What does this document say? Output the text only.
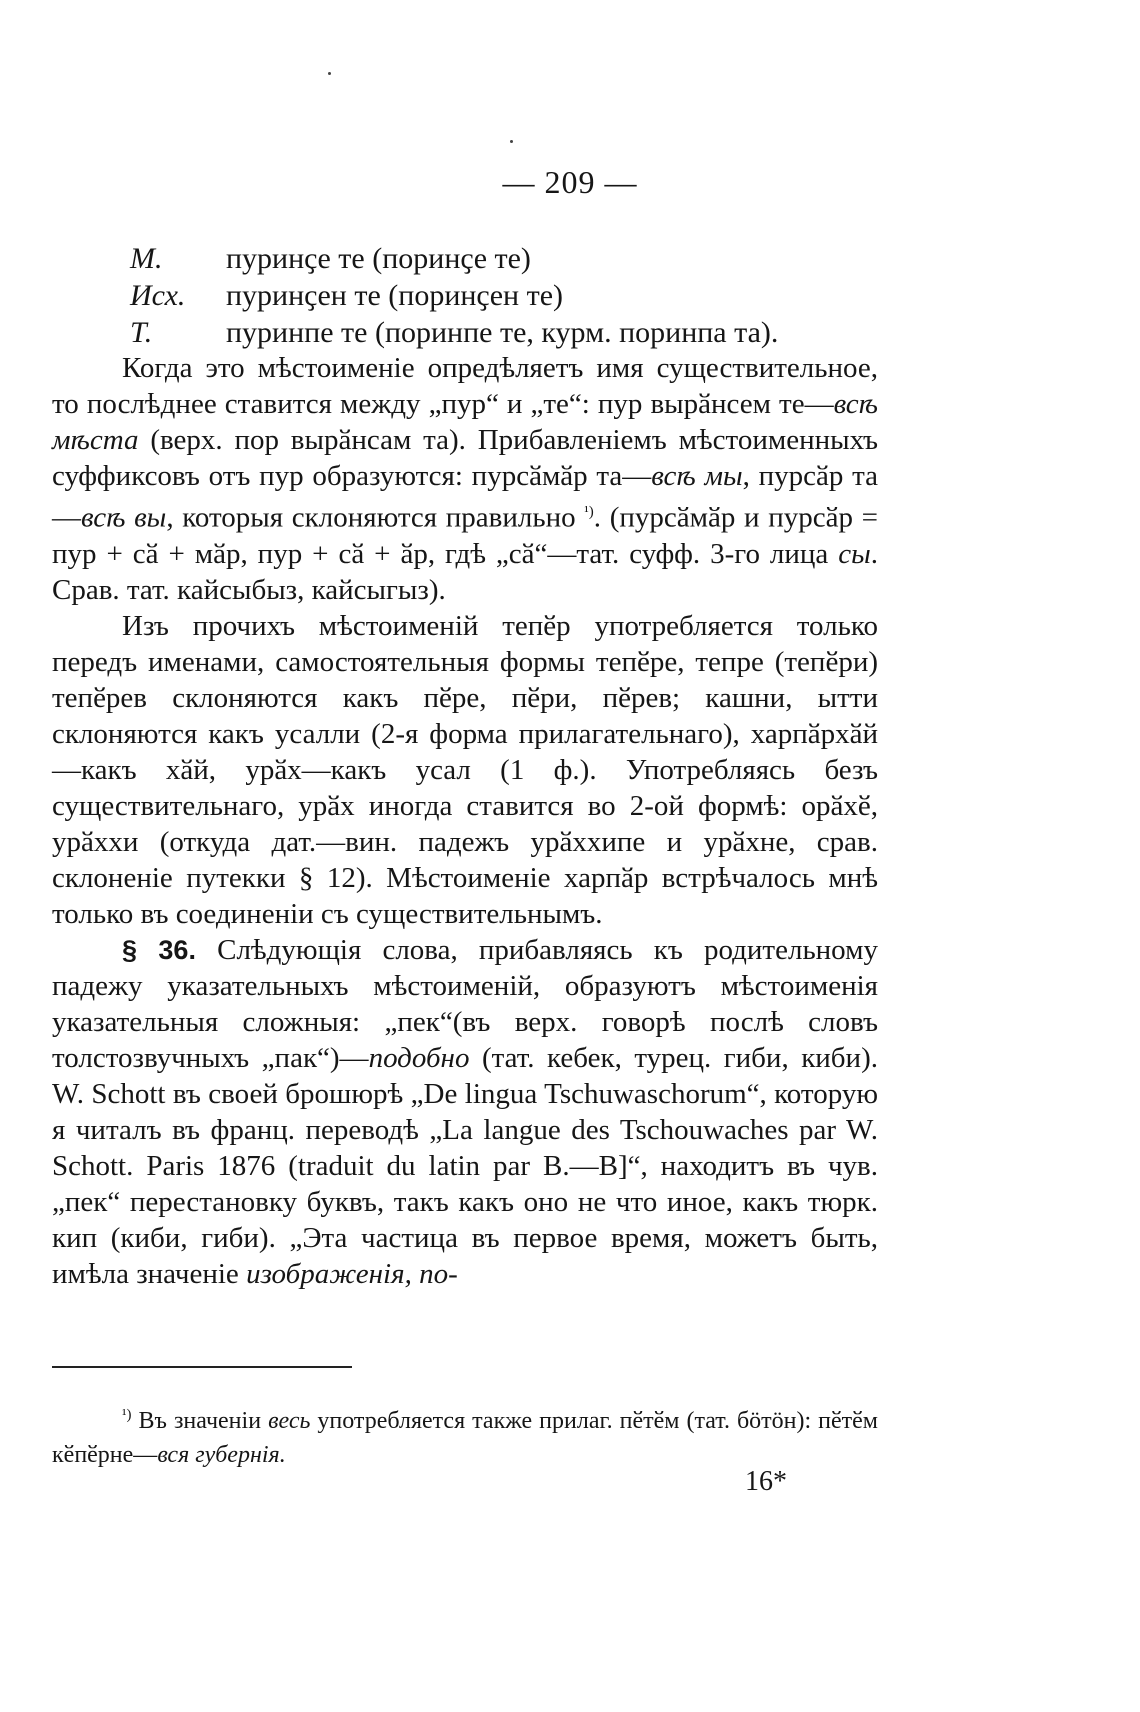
— 209 —
М.	пуринҫе те (поринҫе те)
Исх.	пуринҫен те (поринҫен те)
Т.	пуринпе те (поринпе те, курм. поринпа та).

Когда это мѣстоименіе опредѣляетъ имя существительное, то послѣднее ставится между „пур“ и „те“: пур вырӑнсем те—всѣ мѣста (верх. пор вырӑнсам та). Прибавленіемъ мѣстоименныхъ суффиксовъ отъ пур образуются: пурсӑмӑр та—всѣ мы, пурсӑр та—всѣ вы, которыя склоняются правильно $^{^1)}$. (пурсӑмӑр и пурсӑр = пур + сӑ + мӑр, пур + сӑ + ӑр, гдѣ „сӑ“—тат. суфф. 3-го лица сы. Срав. тат. кайсыбыз, кайсыгыз).

Изъ прочихъ мѣстоименій тепӗр употребляется только передъ именами, самостоятельныя формы тепӗре, тепре (тепӗри) тепӗрев склоняются какъ пӗре, пӗри, пӗрев; кашни, ытти склоняются какъ усалли (2-я форма прилагательнаго), харпӑрхӑй—какъ хӑй, урӑх—какъ усал (1 ф.). Употребляясь безъ существительнаго, урӑх иногда ставится во 2-ой формѣ: орӑхӗ, урӑххи (откуда дат.—вин. падежъ урӑххипе и урӑхне, срав. склоненіе путекки § 12). Мѣстоименіе харпӑр встрѣчалось мнѣ только въ соединеніи съ существительнымъ.

§ 36. Слѣдующія слова, прибавляясь къ родительному падежу указательныхъ мѣстоименій, образуютъ мѣстоименія указательныя сложныя: „пек“(въ верх. говорѣ послѣ словъ толстозвучныхъ „пак“)—подобно (тат. кебек, турец. гиби, киби). W. Schott въ своей брошюрѣ „De lingua Tschuwaschorum“, которую я читалъ въ франц. переводѣ „La langue des Tschouwaches par W. Schott. Paris 1876 (traduit du latin par B.—B]“, находитъ въ чув. „пек“ перестановку буквъ, такъ какъ оно не что иное, какъ тюрк. кип (киби, гиби). „Эта частица въ первое время, можетъ быть, имѣла значеніе изображенія, по-

$^{^1)}$ Въ значеніи весь употребляется также прилаг. пӗтӗм (тат. бӧтӧн): пӗтӗм кӗпӗрне—вся губернія.
16*
